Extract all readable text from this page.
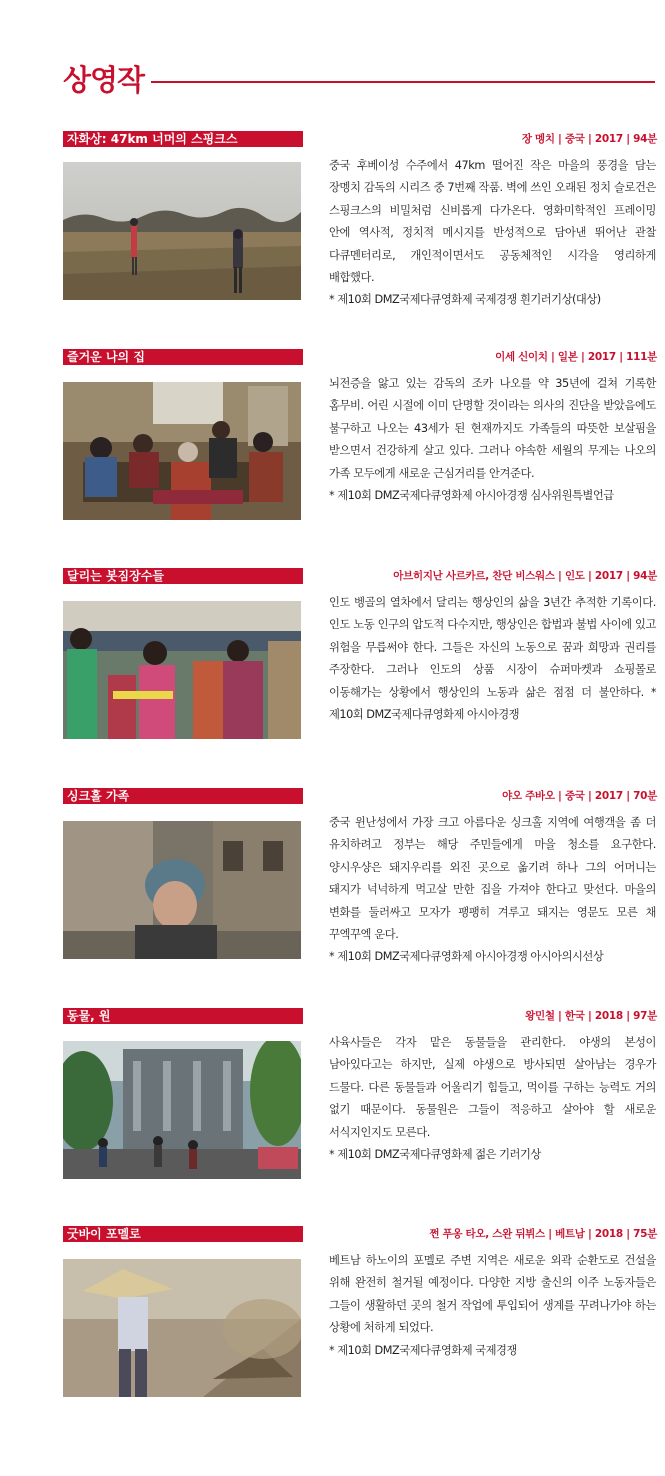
상영작
자화상: 47km 너머의 스핑크스	장 멩치 | 중국 | 2017 | 94분
중국 후베이성 수주에서 47km 떨어진 작은 마을의 풍경을 담는 장멩치 감독의 시리즈 중 7번째 작품. 벽에 쓰인 오래된 정치 슬로건은 스핑크스의 비밀처럼 신비롭게 다가온다. 영화미학적인 프레이밍 안에 역사적, 정치적 메시지를 반성적으로 담아낸 뛰어난 관찰 다큐멘터리로, 개인적이면서도 공동체적인 시각을 영리하게 배합했다.
* 제10회 DMZ국제다큐영화제 국제경쟁 흰기러기상(대상)
즐거운 나의 집	이세 신이치 | 일본 | 2017 | 111분
뇌전증을 앓고 있는 감독의 조카 나오를 약 35년에 걸쳐 기록한 홈무비. 어린 시절에 이미 단명할 것이라는 의사의 진단을 받았음에도 불구하고 나오는 43세가 된 현재까지도 가족들의 따뜻한 보살핌을 받으면서 건강하게 살고 있다. 그러나 야속한 세월의 무게는 나오의 가족 모두에게 새로운 근심거리를 안겨준다.
* 제10회 DMZ국제다큐영화제 아시아경쟁 심사위원특별언급
달리는 봇짐장수들	아브히지난 사르카르, 찬단 비스워스 | 인도 | 2017 | 94분
인도 벵골의 열차에서 달리는 행상인의 삶을 3년간 추적한 기록이다. 인도 노동 인구의 압도적 다수지만, 행상인은 합법과 불법 사이에 있고 위험을 무릅써야 한다. 그들은 자신의 노동으로 꿈과 희망과 권리를 주장한다. 그러나 인도의 상품 시장이 슈퍼마켓과 쇼핑몰로 이동해가는 상황에서 행상인의 노동과 삶은 점점 더 불안하다. * 제10회 DMZ국제다큐영화제 아시아경쟁
싱크홀 가족	야오 주바오 | 중국 | 2017 | 70분
중국 윈난성에서 가장 크고 아름다운 싱크홀 지역에 여행객을 좀 더 유치하려고 정부는 해당 주민들에게 마을 청소를 요구한다. 양시우샹은 돼지우리를 외진 곳으로 옮기려 하나 그의 어머니는 돼지가 넉넉하게 먹고살 만한 집을 가져야 한다고 맞선다. 마을의 변화를 둘러싸고 모자가 팽팽히 겨루고 돼지는 영문도 모른 채 꾸엑꾸엑 운다.
* 제10회 DMZ국제다큐영화제 아시아경쟁 아시아의시선상
동물, 원	왕민철 | 한국 | 2018 | 97분
사육사들은 각자 맡은 동물들을 관리한다. 야생의 본성이 남아있다고는 하지만, 실제 야생으로 방사되면 살아남는 경우가 드물다. 다른 동물들과 어울리기 힘들고, 먹이를 구하는 능력도 거의 없기 때문이다. 동물원은 그들이 적응하고 살아야 할 새로운 서식지인지도 모른다.
* 제10회 DMZ국제다큐영화제 젊은 기러기상
굿바이 포멜로	쩐 푸옹 타오, 스완 뒤뷔스 | 베트남 | 2018 | 75분
베트남 하노이의 포멜로 주변 지역은 새로운 외곽 순환도로 건설을 위해 완전히 철거될 예정이다. 다양한 지방 출신의 이주 노동자들은 그들이 생활하던 곳의 철거 작업에 투입되어 생계를 꾸려나가야 하는 상황에 처하게 되었다.
* 제10회 DMZ국제다큐영화제 국제경쟁
